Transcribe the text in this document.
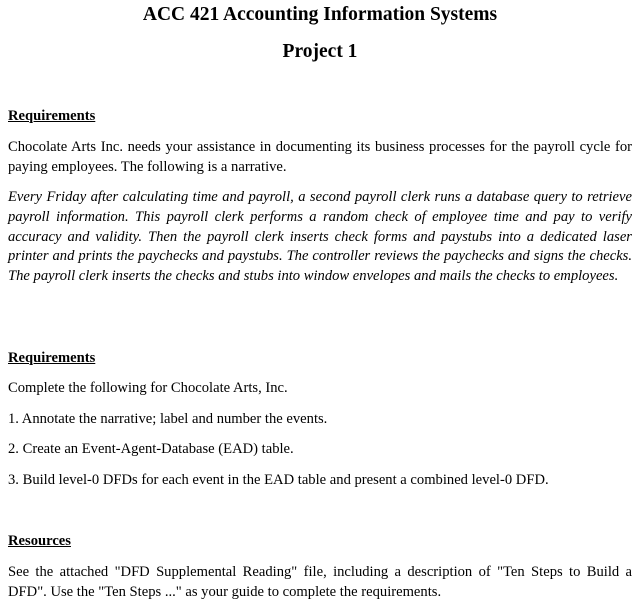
ACC 421 Accounting Information Systems
Project 1

Requirements

Chocolate Arts Inc. needs your assistance in documenting its business processes for the payroll cycle for paying employees. The following is a narrative.

Every Friday after calculating time and payroll, a second payroll clerk runs a database query to retrieve payroll information. This payroll clerk performs a random check of employee time and pay to verify accuracy and validity. Then the payroll clerk inserts check forms and paystubs into a dedicated laser printer and prints the paychecks and paystubs. The controller reviews the paychecks and signs the checks. The payroll clerk inserts the checks and stubs into window envelopes and mails the checks to employees.

Requirements

Complete the following for Chocolate Arts, Inc.

1. Annotate the narrative; label and number the events.

2. Create an Event-Agent-Database (EAD) table.

3. Build level-0 DFDs for each event in the EAD table and present a combined level-0 DFD.

Resources

See the attached "DFD Supplemental Reading" file, including a description of "Ten Steps to Build a DFD". Use the "Ten Steps ..." as your guide to complete the requirements.
